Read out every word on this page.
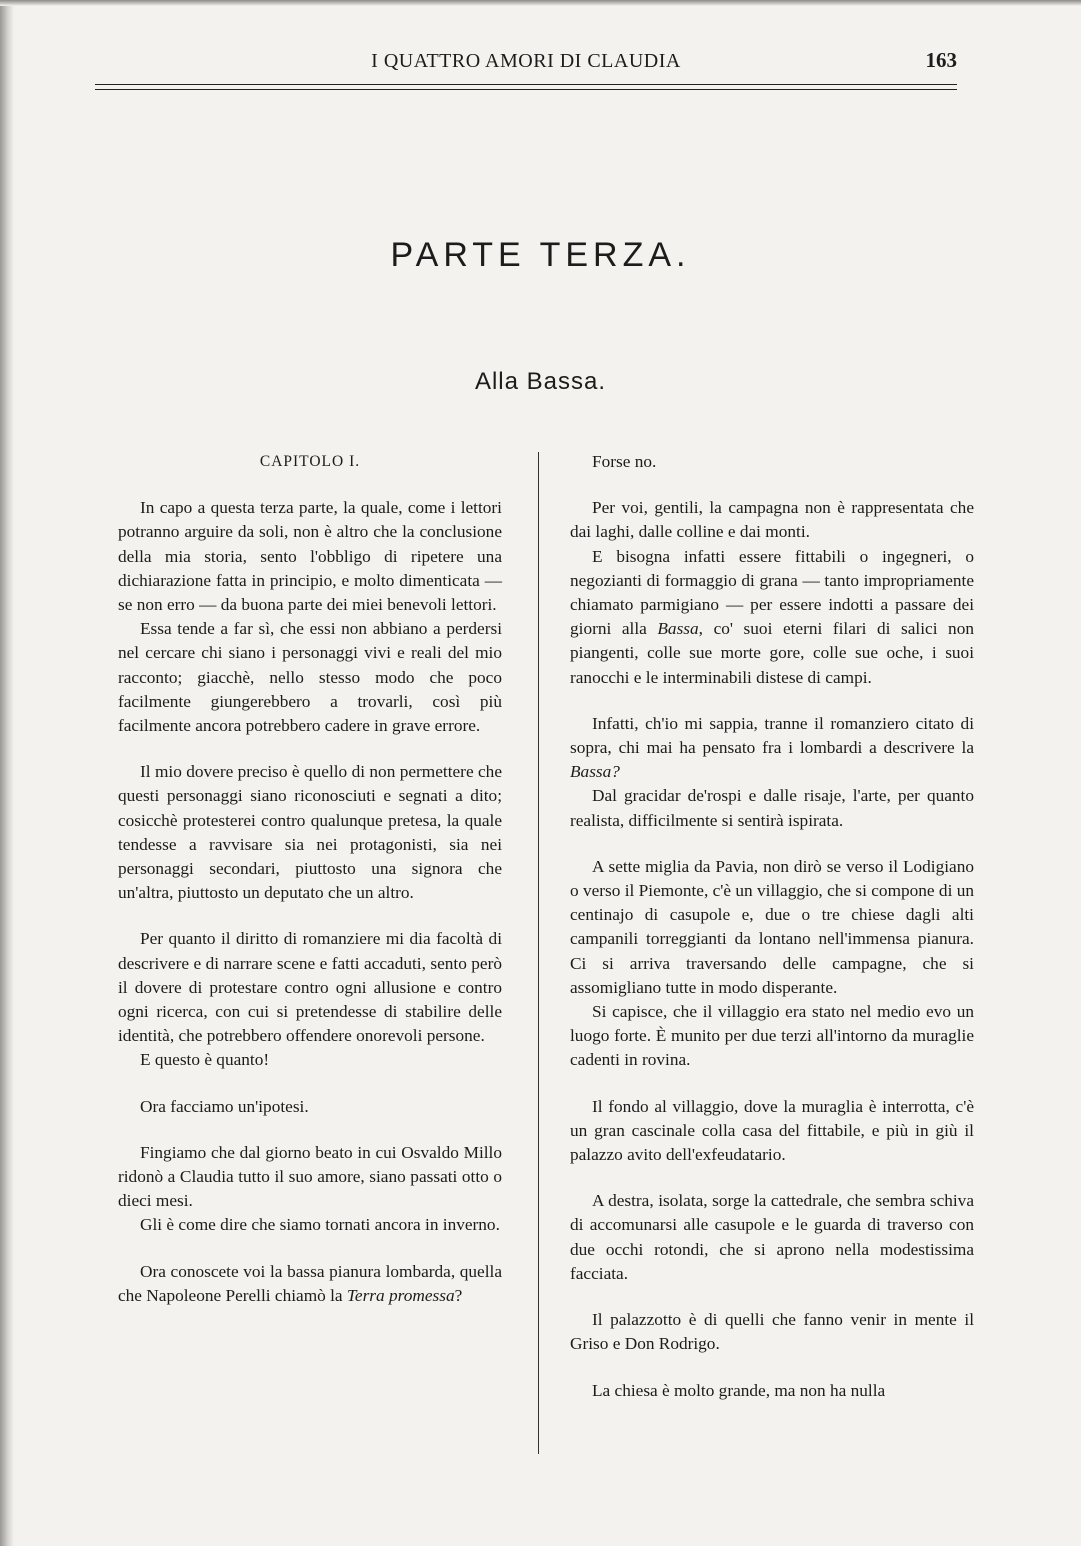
I QUATTRO AMORI DI CLAUDIA	163
PARTE TERZA.
Alla Bassa.
CAPITOLO I.

In capo a questa terza parte, la quale, come i lettori potranno arguire da soli, non è altro che la conclusione della mia storia, sento l'obbligo di ripetere una dichiarazione fatta in principio, e molto dimenticata — se non erro — da buona parte dei miei benevoli lettori.

Essa tende a far sì, che essi non abbiano a perdersi nel cercare chi siano i personaggi vivi e reali del mio racconto; giacchè, nello stesso modo che poco facilmente giungerebbero a trovarli, così più facilmente ancora potrebbero cadere in grave errore.

Il mio dovere preciso è quello di non permettere che questi personaggi siano riconosciuti e segnati a dito; cosicchè protesterei contro qualunque pretesa, la quale tendesse a ravvisare sia nei protagonisti, sia nei personaggi secondari, piuttosto una signora che un'altra, piuttosto un deputato che un altro.

Per quanto il diritto di romanziere mi dia facoltà di descrivere e di narrare scene e fatti accaduti, sento però il dovere di protestare contro ogni allusione e contro ogni ricerca, con cui si pretendesse di stabilire delle identità, che potrebbero offendere onorevoli persone.

E questo è quanto!

Ora facciamo un'ipotesi.

Fingiamo che dal giorno beato in cui Osvaldo Millo ridonò a Claudia tutto il suo amore, siano passati otto o dieci mesi.

Gli è come dire che siamo tornati ancora in inverno.

Ora conoscete voi la bassa pianura lombarda, quella che Napoleone Perelli chiamò la Terra promessa?

Forse no.

Per voi, gentili, la campagna non è rappresentata che dai laghi, dalle colline e dai monti.

E bisogna infatti essere fittabili o ingegneri, o negozianti di formaggio di grana — tanto impropriamente chiamato parmigiano — per essere indotti a passare dei giorni alla Bassa, co' suoi eterni filari di salici non piangenti, colle sue morte gore, colle sue oche, i suoi ranocchi e le interminabili distese di campi.

Infatti, ch'io mi sappia, tranne il romanziero citato di sopra, chi mai ha pensato fra i lombardi a descrivere la Bassa?

Dal gracidar de'rospi e dalle risaje, l'arte, per quanto realista, difficilmente si sentirà ispirata.

A sette miglia da Pavia, non dirò se verso il Lodigiano o verso il Piemonte, c'è un villaggio, che si compone di un centinajo di casupole e, due o tre chiese dagli alti campanili torreggianti da lontano nell'immensa pianura. Ci si arriva traversando delle campagne, che si assomigliano tutte in modo disperante.

Si capisce, che il villaggio era stato nel medio evo un luogo forte. È munito per due terzi all'intorno da muraglie cadenti in rovina.

Il fondo al villaggio, dove la muraglia è interrotta, c'è un gran cascinale colla casa del fittabile, e più in giù il palazzo avito dell'exfeudatario.

A destra, isolata, sorge la cattedrale, che sembra schiva di accomunarsi alle casupole e le guarda di traverso con due occhi rotondi, che si aprono nella modestissima facciata.

Il palazzotto è di quelli che fanno venir in mente il Griso e Don Rodrigo.

La chiesa è molto grande, ma non ha nulla
